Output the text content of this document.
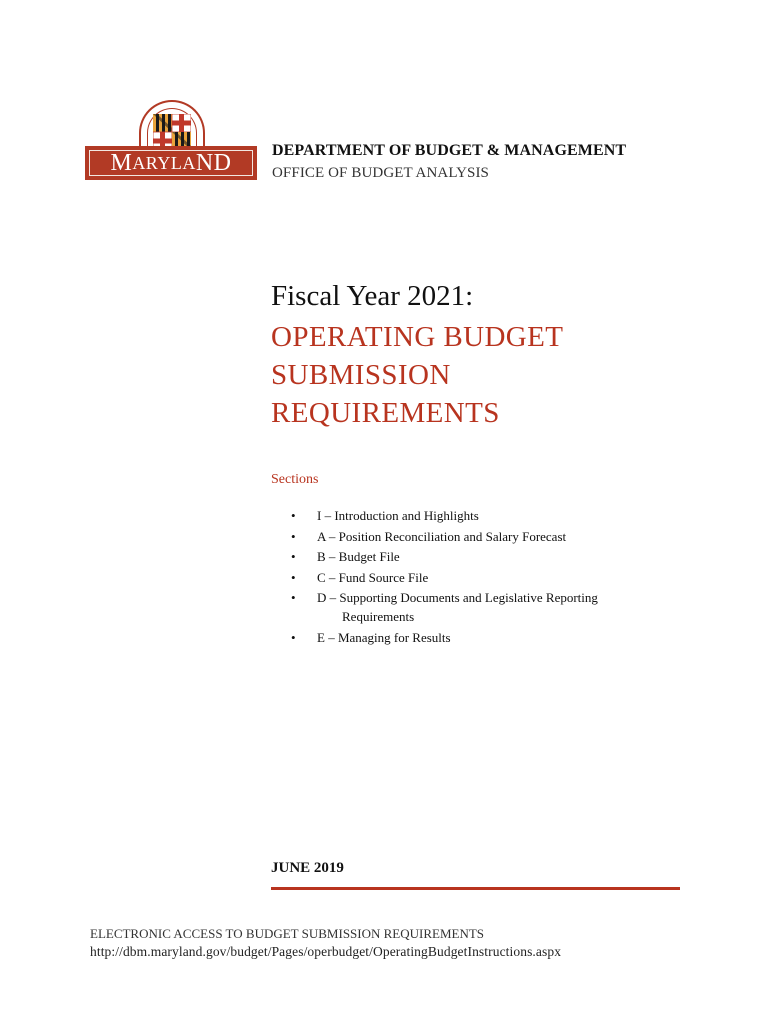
M ARYLA N D	DEPARTMENT OF BUDGET & MANAGEMENT
OFFICE OF BUDGET ANALYSIS
Fiscal Year 2021:
OPERATING BUDGET
SUBMISSION
REQUIREMENTS
Sections
• I – Introduction and Highlights
• A – Position Reconciliation and Salary Forecast
• B – Budget File
• C – Fund Source File
• D – Supporting Documents and Legislative Reporting
Requirements
• E – Managing for Results
JUNE 2019
ELECTRONIC ACCESS TO BUDGET SUBMISSION REQUIREMENTS
http://dbm.maryland.gov/budget/Pages/operbudget/OperatingBudgetInstructions.aspx
